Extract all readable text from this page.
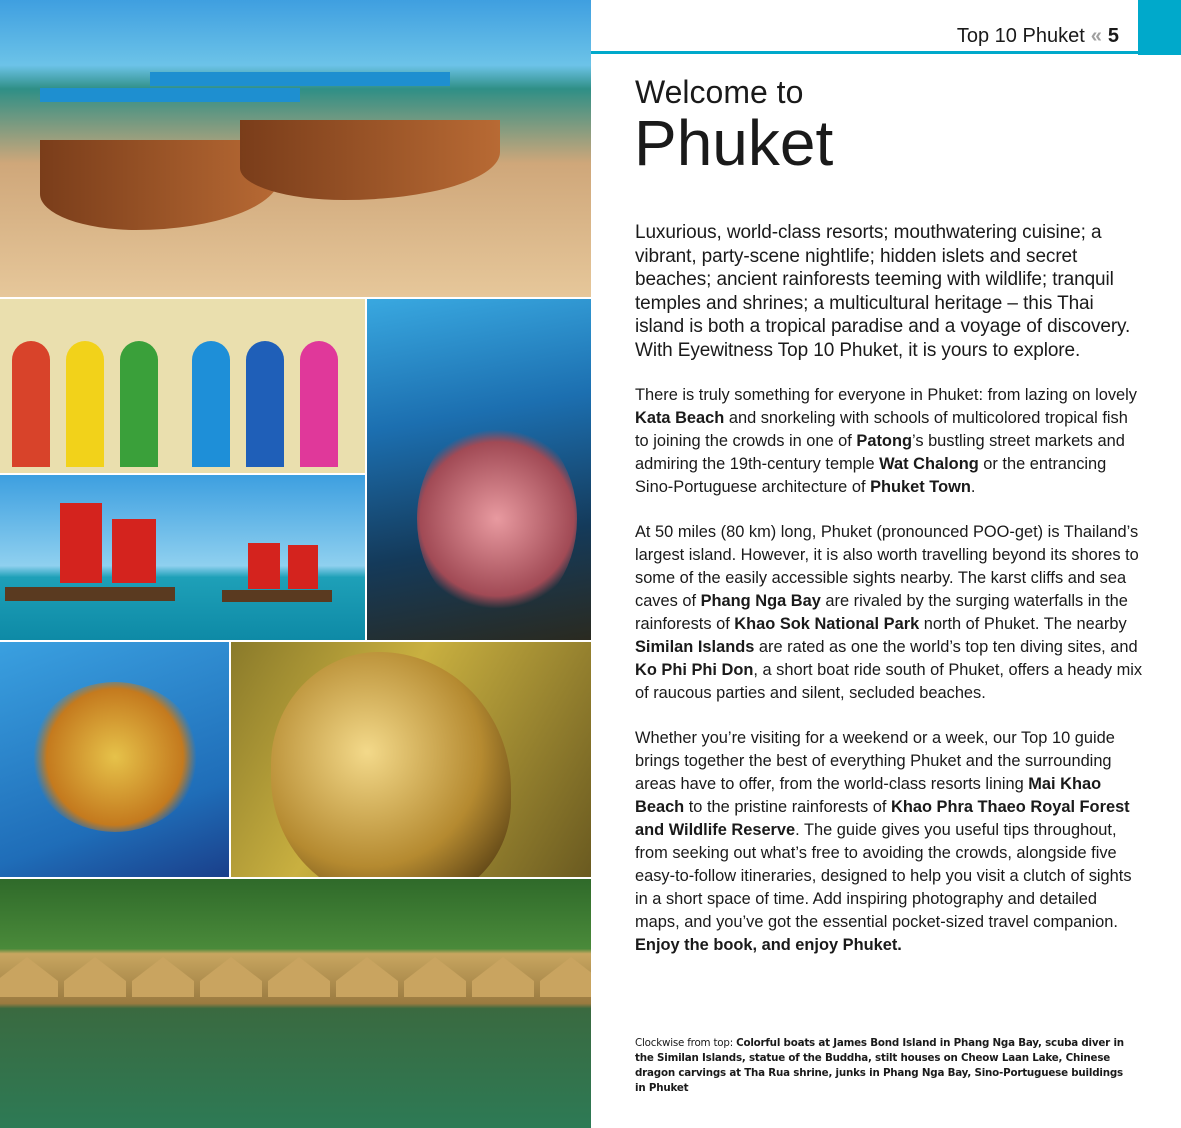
Top 10 Phuket « 5
Welcome to
Phuket

Luxurious, world-class resorts; mouthwatering cuisine; a vibrant, party-scene nightlife; hidden islets and secret beaches; ancient rainforests teeming with wildlife; tranquil temples and shrines; a multicultural heritage – this Thai island is both a tropical paradise and a voyage of discovery. With Eyewitness Top 10 Phuket, it is yours to explore.

There is truly something for everyone in Phuket: from lazing on lovely Kata Beach and snorkeling with schools of multicolored tropical fish to joining the crowds in one of Patong’s bustling street markets and admiring the 19th-century temple Wat Chalong or the entrancing Sino-Portuguese architecture of Phuket Town.

At 50 miles (80 km) long, Phuket (pronounced POO-get) is Thailand’s largest island. However, it is also worth travelling beyond its shores to some of the easily accessible sights nearby. The karst cliffs and sea caves of Phang Nga Bay are rivaled by the surging waterfalls in the rainforests of Khao Sok National Park north of Phuket. The nearby Similan Islands are rated as one the world’s top ten diving sites, and Ko Phi Phi Don, a short boat ride south of Phuket, offers a heady mix of raucous parties and silent, secluded beaches.

Whether you’re visiting for a weekend or a week, our Top 10 guide brings together the best of everything Phuket and the surrounding areas have to offer, from the world-class resorts lining Mai Khao Beach to the pristine rainforests of Khao Phra Thaeo Royal Forest and Wildlife Reserve. The guide gives you useful tips throughout, from seeking out what’s free to avoiding the crowds, alongside five easy-to-follow itineraries, designed to help you visit a clutch of sights in a short space of time. Add inspiring photography and detailed maps, and you’ve got the essential pocket-sized travel companion. Enjoy the book, and enjoy Phuket.

Clockwise from top: Colorful boats at James Bond Island in Phang Nga Bay, scuba diver in the Similan Islands, statue of the Buddha, stilt houses on Cheow Laan Lake, Chinese dragon carvings at Tha Rua shrine, junks in Phang Nga Bay, Sino-Portuguese buildings in Phuket
